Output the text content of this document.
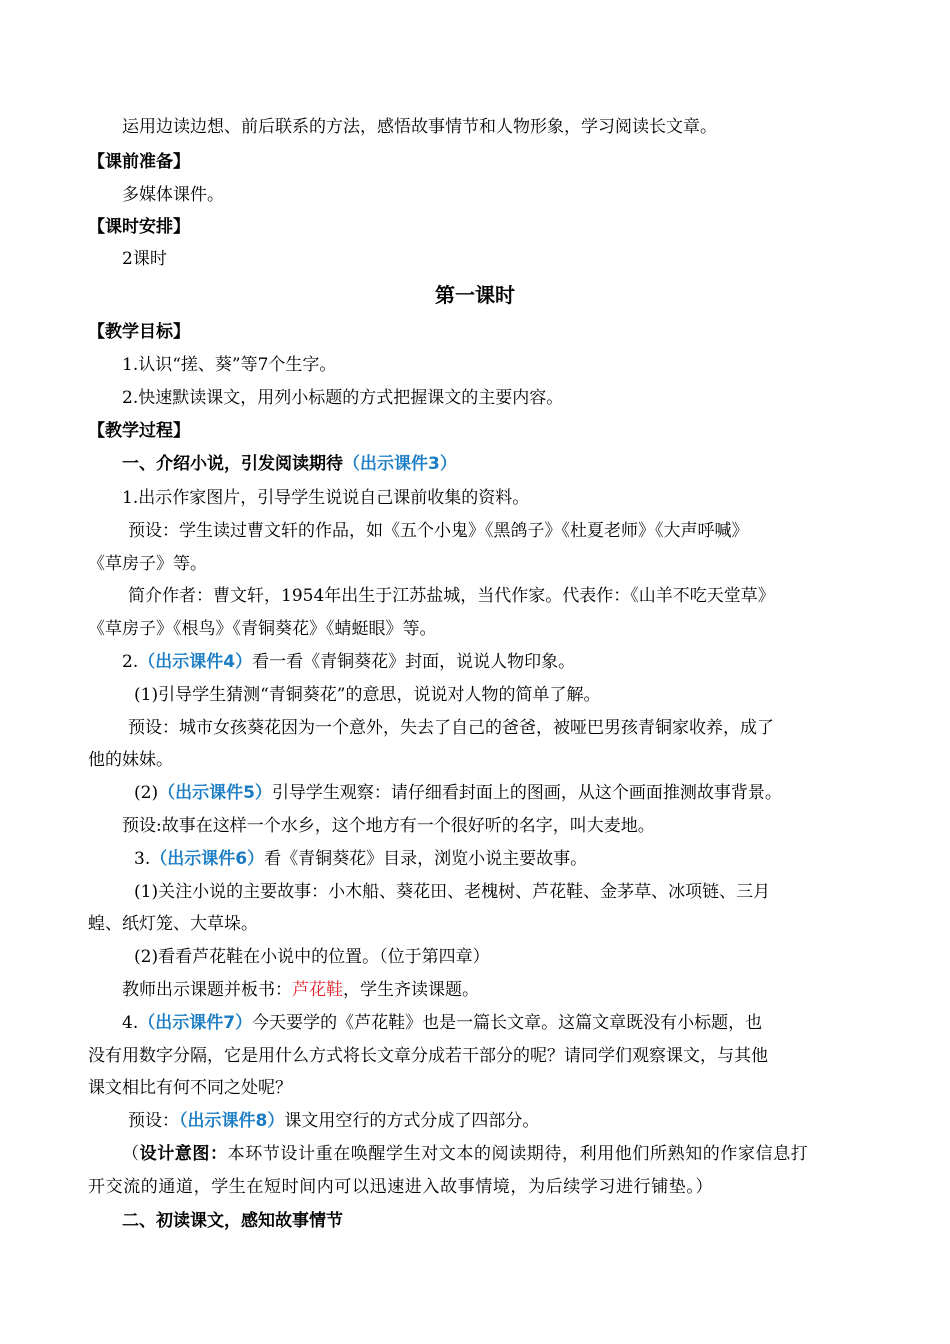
运用边读边想、前后联系的方法，感悟故事情节和人物形象，学习阅读长文章。
【课前准备】
多媒体课件。
【课时安排】
2课时
第一课时
【教学目标】
1.认识“搓、葵”等7个生字。
2.快速默读课文，用列小标题的方式把握课文的主要内容。
【教学过程】
一、介绍小说，引发阅读期待（出示课件3）
1.出示作家图片，引导学生说说自己课前收集的资料。
预设：学生读过曹文轩的作品，如《五个小鬼》《黑鸽子》《杜夏老师》《大声呼喊》
《草房子》等。
简介作者：曹文轩，1954年出生于江苏盐城，当代作家。代表作：《山羊不吃天堂草》
《草房子》《根鸟》《青铜葵花》《蜻蜓眼》等。
2.（出示课件4）看一看《青铜葵花》封面，说说人物印象。
(1)引导学生猜测“青铜葵花”的意思，说说对人物的简单了解。
预设：城市女孩葵花因为一个意外，失去了自己的爸爸，被哑巴男孩青铜家收养，成了
他的妹妹。
(2)（出示课件5）引导学生观察：请仔细看封面上的图画，从这个画面推测故事背景。
预设:故事在这样一个水乡，这个地方有一个很好听的名字，叫大麦地。
3.（出示课件6）看《青铜葵花》目录，浏览小说主要故事。
(1)关注小说的主要故事：小木船、葵花田、老槐树、芦花鞋、金茅草、冰项链、三月
蝗、纸灯笼、大草垛。
(2)看看芦花鞋在小说中的位置。（位于第四章）
教师出示课题并板书：芦花鞋，学生齐读课题。
4.（出示课件7）今天要学的《芦花鞋》也是一篇长文章。这篇文章既没有小标题，也
没有用数字分隔，它是用什么方式将长文章分成若干部分的呢？请同学们观察课文，与其他
课文相比有何不同之处呢？
预设：（出示课件8）课文用空行的方式分成了四部分。
（设计意图：本环节设计重在唤醒学生对文本的阅读期待，利用他们所熟知的作家信息打
开交流的通道，学生在短时间内可以迅速进入故事情境，为后续学习进行铺垫。）
二、初读课文，感知故事情节
